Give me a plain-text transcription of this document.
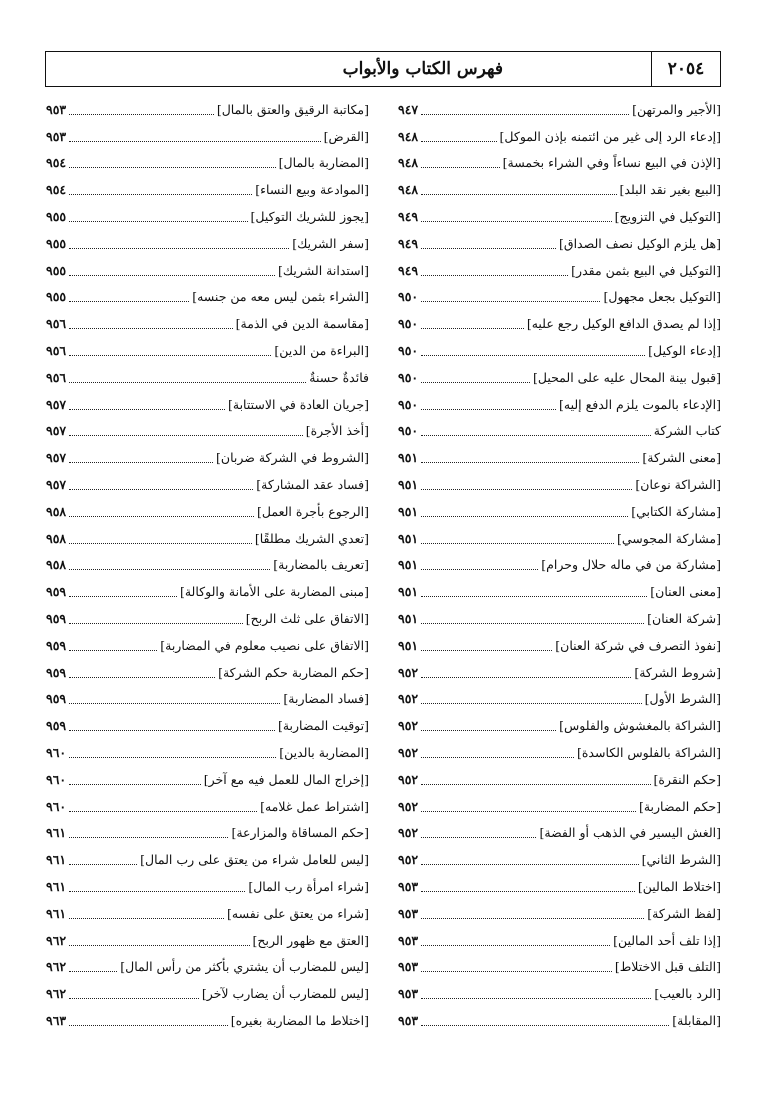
٢٠٥٤
فهرس الكتاب والأبواب
[الأجير والمرتهن]
٩٤٧
[إدعاء الرد إلى غير من ائتمنه بإذن الموكل]
٩٤٨
[الإذن في البيع نساءاً وفي الشراء بخمسة]
٩٤٨
[البيع بغير نقد البلد]
٩٤٨
[التوكيل في التزويج]
٩٤٩
[هل يلزم الوكيل نصف الصداق]
٩٤٩
[التوكيل في البيع بثمن مقدر]
٩٤٩
[التوكيل بجعل مجهول]
٩٥٠
[إذا لم يصدق الدافع الوكيل رجع عليه]
٩٥٠
[إدعاء الوكيل]
٩٥٠
[قبول بينة المحال عليه على المحيل]
٩٥٠
[الإدعاء بالموت يلزم الدفع إليه]
٩٥٠
كتاب الشركة
٩٥٠
[معنى الشركة]
٩٥١
[الشراكة نوعان]
٩٥١
[مشاركة الكتابي]
٩٥١
[مشاركة المجوسي]
٩٥١
[مشاركة من في ماله حلال وحرام]
٩٥١
[معنى العنان]
٩٥١
[شركة العنان]
٩٥١
[نفوذ التصرف في شركة العنان]
٩٥١
[شروط الشركة]
٩٥٢
[الشرط الأول]
٩٥٢
[الشراكة بالمغشوش والفلوس]
٩٥٢
[الشراكة بالفلوس الكاسدة]
٩٥٢
[حكم النقرة]
٩٥٢
[حكم المضاربة]
٩٥٢
[الغش اليسير في الذهب أو الفضة]
٩٥٢
[الشرط الثاني]
٩٥٢
[اختلاط المالين]
٩٥٣
[لفظ الشركة]
٩٥٣
[إذا تلف أحد المالين]
٩٥٣
[التلف قبل الاختلاط]
٩٥٣
[الرد بالعيب]
٩٥٣
[المقابلة]
٩٥٣
[مكاتبة الرقيق والعتق بالمال]
٩٥٣
[القرض]
٩٥٣
[المضاربة بالمال]
٩٥٤
[الموادعة وبيع النساء]
٩٥٤
[يجوز للشريك التوكيل]
٩٥٥
[سفر الشريك]
٩٥٥
[استدانة الشريك]
٩٥٥
[الشراء بثمن ليس معه من جنسه]
٩٥٥
[مقاسمة الدين في الذمة]
٩٥٦
[البراءة من الدين]
٩٥٦
فائدةٌ حسنةٌ
٩٥٦
[جريان العادة في الاستتابة]
٩٥٧
[أخذ الأجرة]
٩٥٧
[الشروط في الشركة ضربان]
٩٥٧
[فساد عقد المشاركة]
٩٥٧
[الرجوع بأجرة العمل]
٩٥٨
[تعدي الشريك مطلقًا]
٩٥٨
[تعريف بالمضاربة]
٩٥٨
[مبنى المضاربة على الأمانة والوكالة]
٩٥٩
[الاتفاق على ثلث الربح]
٩٥٩
[الاتفاق على نصيب معلوم في المضاربة]
٩٥٩
[حكم المضاربة حكم الشركة]
٩٥٩
[فساد المضاربة]
٩٥٩
[توقيت المضاربة]
٩٥٩
[المضاربة بالدين]
٩٦٠
[إخراج المال للعمل فيه مع آخر]
٩٦٠
[اشتراط عمل غلامه]
٩٦٠
[حكم المساقاة والمزارعة]
٩٦١
[ليس للعامل شراء من يعتق على رب المال]
٩٦١
[شراء امرأة رب المال]
٩٦١
[شراء من يعتق على نفسه]
٩٦١
[العتق مع ظهور الربح]
٩٦٢
[ليس للمضارب أن يشتري بأكثر من رأس المال]
٩٦٢
[ليس للمضارب أن يضارب لآخر]
٩٦٢
[اختلاط ما المضاربة بغيره]
٩٦٣
